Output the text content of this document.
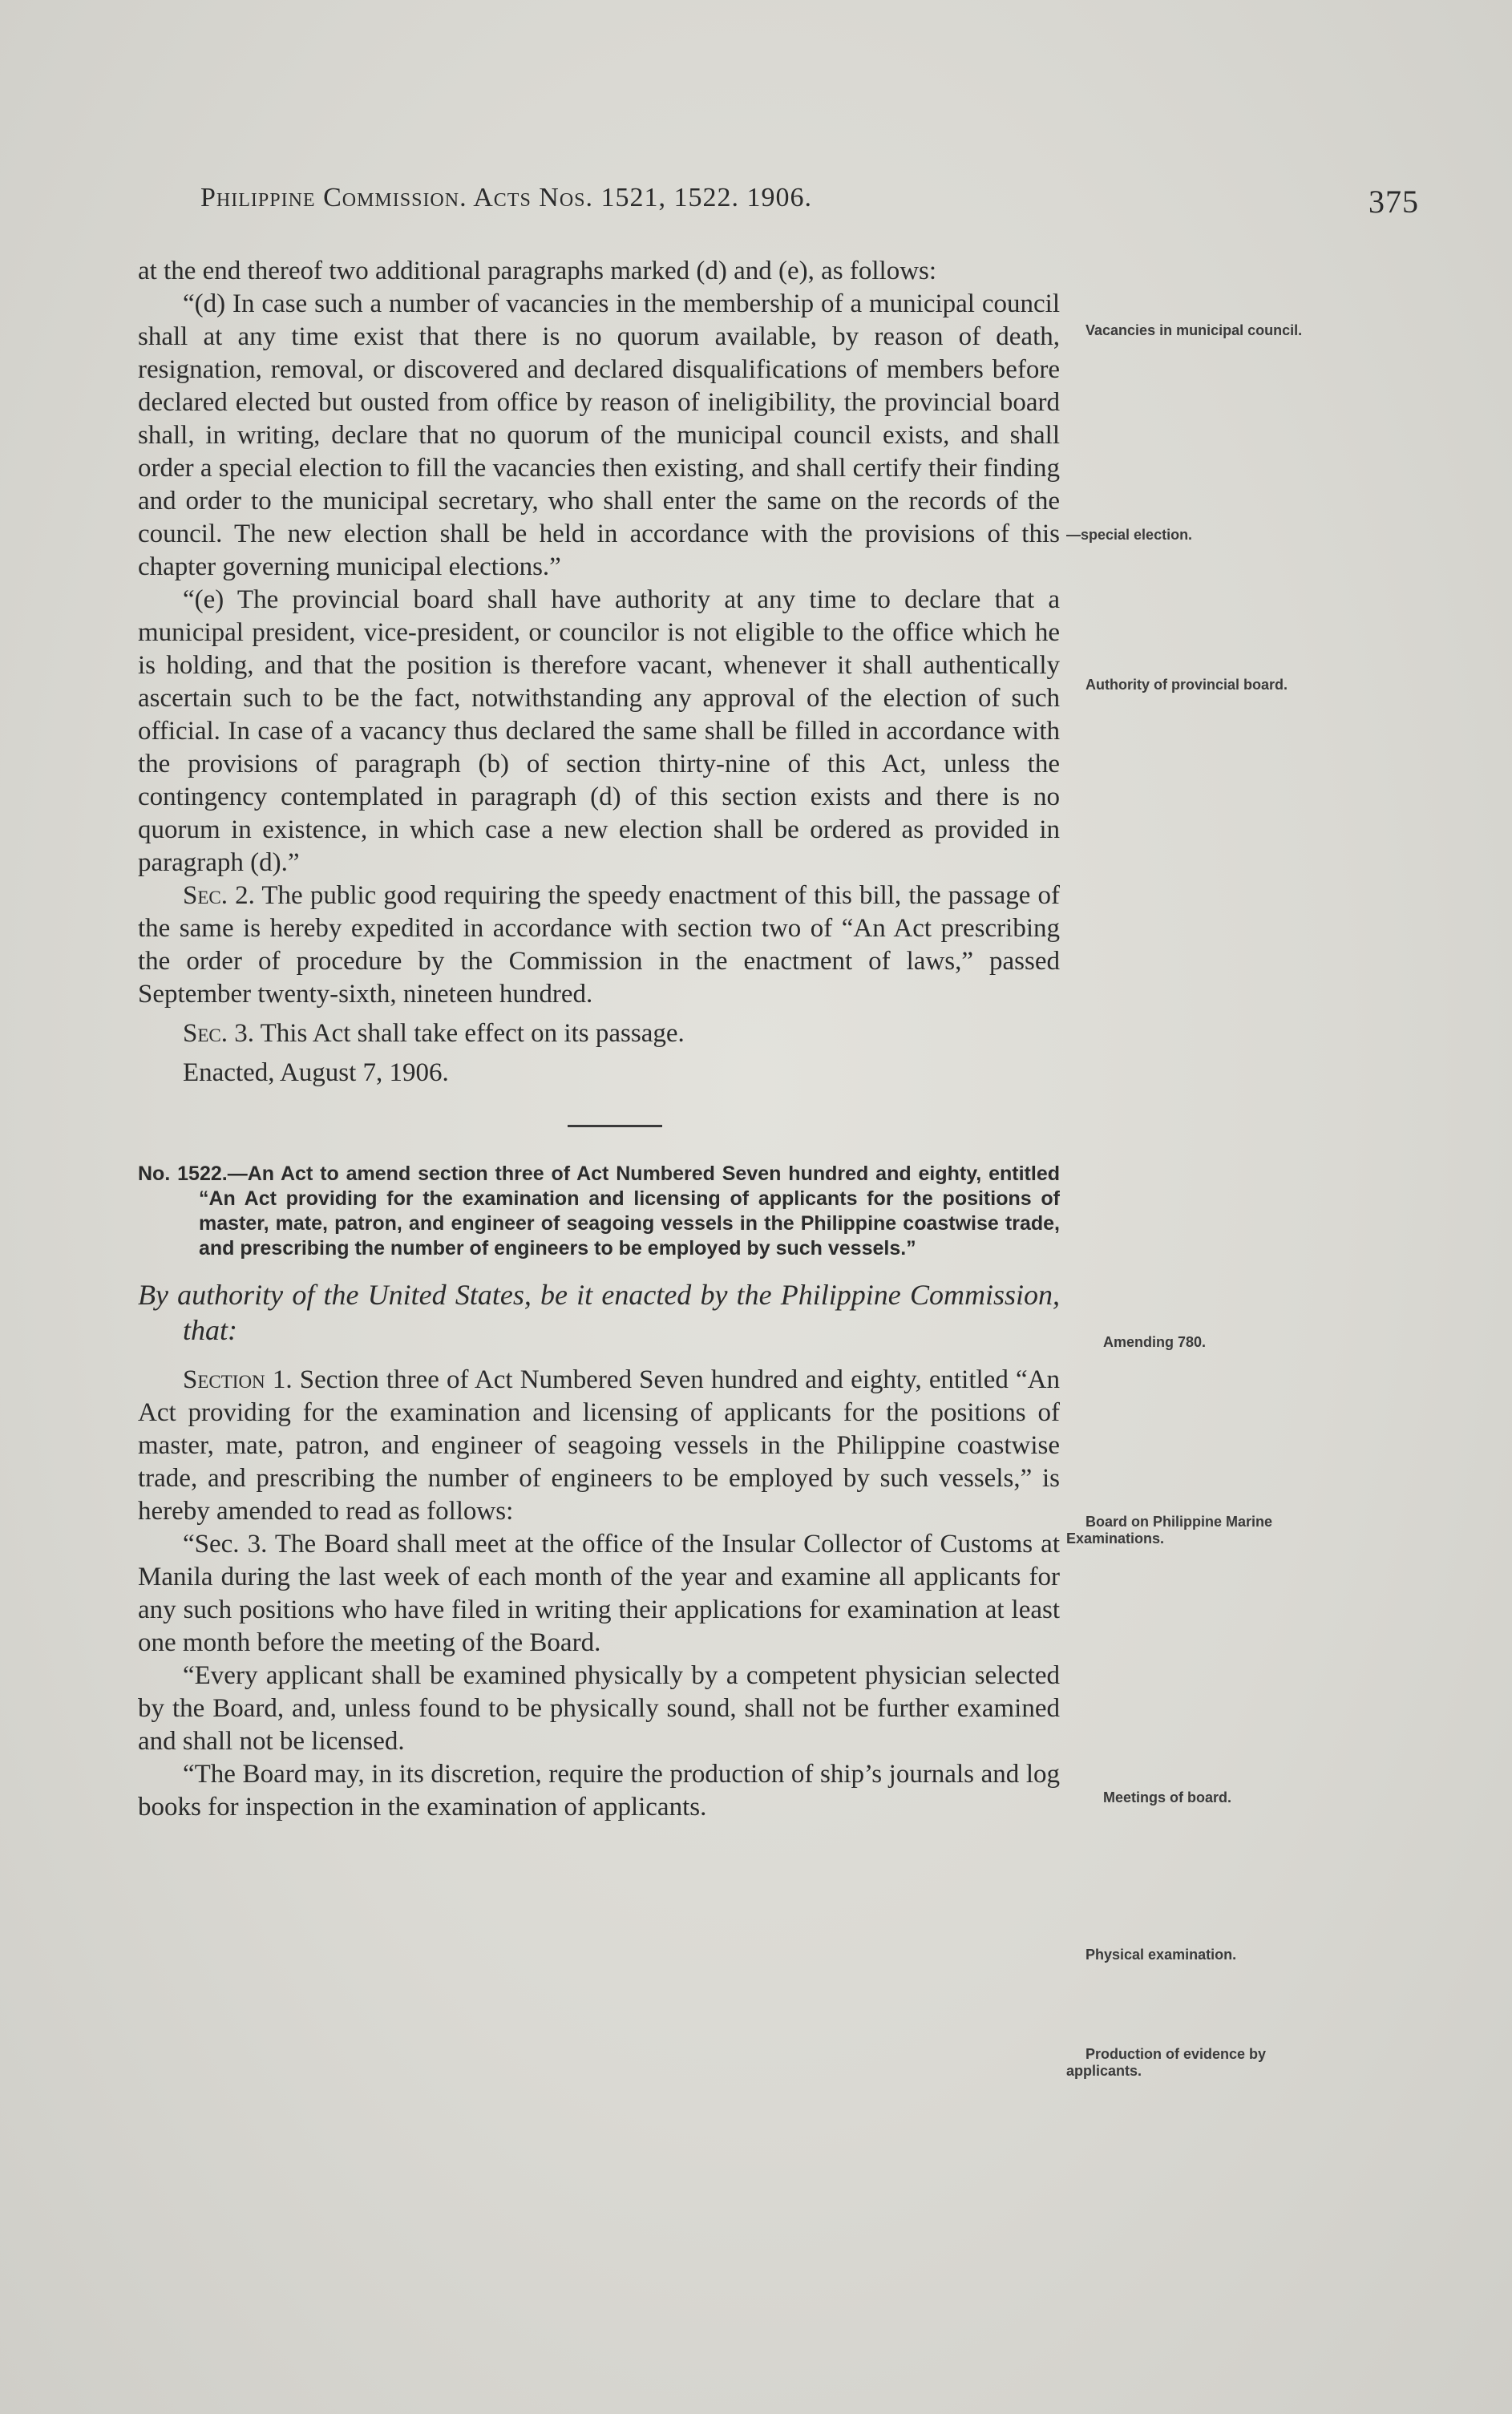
Philippine Commission. Acts Nos. 1521, 1522. 1906.	375

at the end thereof two additional paragraphs marked (d) and (e), as follows:

“(d) In case such a number of vacancies in the membership of a municipal council shall at any time exist that there is no quorum available, by reason of death, resignation, removal, or discovered and declared disqualifications of members before declared elected but ousted from office by reason of ineligibility, the provincial board shall, in writing, declare that no quorum of the municipal council exists, and shall order a special election to fill the vacancies then existing, and shall certify their finding and order to the municipal secretary, who shall enter the same on the records of the council. The new election shall be held in accordance with the provisions of this chapter governing municipal elections.”

“(e) The provincial board shall have authority at any time to declare that a municipal president, vice-president, or councilor is not eligible to the office which he is holding, and that the position is therefore vacant, whenever it shall authentically ascertain such to be the fact, notwithstanding any approval of the election of such official. In case of a vacancy thus declared the same shall be filled in accordance with the provisions of paragraph (b) of section thirty-nine of this Act, unless the contingency contemplated in paragraph (d) of this section exists and there is no quorum in existence, in which case a new election shall be ordered as provided in paragraph (d).”

Sec. 2. The public good requiring the speedy enactment of this bill, the passage of the same is hereby expedited in accordance with section two of “An Act prescribing the order of procedure by the Commission in the enactment of laws,” passed September twenty-sixth, nineteen hundred.

Sec. 3. This Act shall take effect on its passage.

Enacted, August 7, 1906.

No. 1522.—An Act to amend section three of Act Numbered Seven hundred and eighty, entitled “An Act providing for the examination and licensing of applicants for the positions of master, mate, patron, and engineer of seagoing vessels in the Philippine coastwise trade, and prescribing the number of engineers to be employed by such vessels.”

By authority of the United States, be it enacted by the Philippine Commission, that:

Section 1. Section three of Act Numbered Seven hundred and eighty, entitled “An Act providing for the examination and licensing of applicants for the positions of master, mate, patron, and engineer of seagoing vessels in the Philippine coastwise trade, and prescribing the number of engineers to be employed by such vessels,” is hereby amended to read as follows:

“Sec. 3. The Board shall meet at the office of the Insular Collector of Customs at Manila during the last week of each month of the year and examine all applicants for any such positions who have filed in writing their applications for examination at least one month before the meeting of the Board.

“Every applicant shall be examined physically by a competent physician selected by the Board, and, unless found to be physically sound, shall not be further examined and shall not be licensed.

“The Board may, in its discretion, require the production of ship’s journals and log books for inspection in the examination of applicants.

Vacancies in municipal council.
—special election.
Authority of provincial board.
Amending 780.
Board on Philippine Marine Examinations.
Meetings of board.
Physical examination.
Production of evidence by applicants.
